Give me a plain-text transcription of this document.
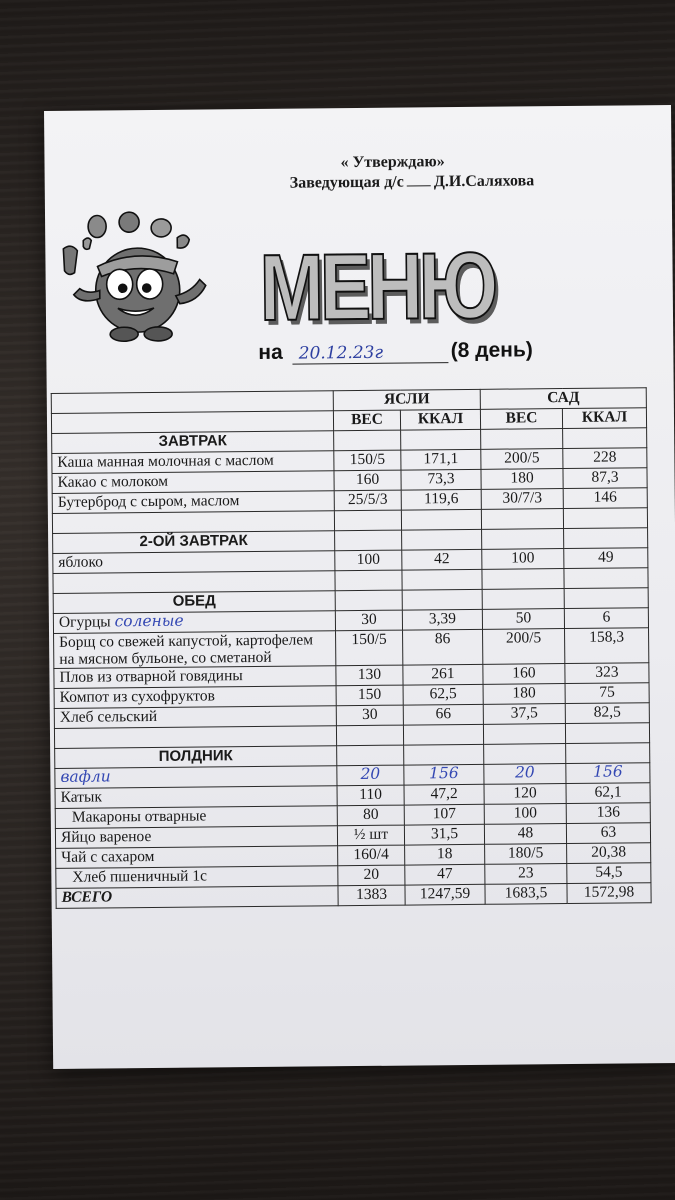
« Утверждаю»
Заведующая д/с Д.И.Саляхова
МЕНЮ
на 20.12.23г	(8 день)
	ЯСЛИ		САД	
	ВЕС	ККАЛ	ВЕС	ККАЛ
ЗАВТРАК				
Каша манная молочная с маслом	150/5	171,1	200/5	228
Какао с молоком	160	73,3	180	87,3
Бутерброд с сыром, маслом	25/5/3	119,6	30/7/3	146

2-ОЙ ЗАВТРАК				
яблоко	100	42	100	49

ОБЕД				
Огурцы соленые	30	3,39	50	6
Борщ со свежей капустой, картофелем на мясном бульоне, со сметаной	150/5	86	200/5	158,3
Плов из отварной говядины	130	261	160	323
Компот из сухофруктов	150	62,5	180	75
Хлеб сельский	30	66	37,5	82,5

ПОЛДНИК				
вафли	20	156	20	156
Катык	110	47,2	120	62,1
Макароны отварные	80	107	100	136
Яйцо вареное	½ шт	31,5	48	63
Чай с сахаром	160/4	18	180/5	20,38
Хлеб пшеничный 1с	20	47	23	54,5
ВСЕГО	1383	1247,59	1683,5	1572,98
